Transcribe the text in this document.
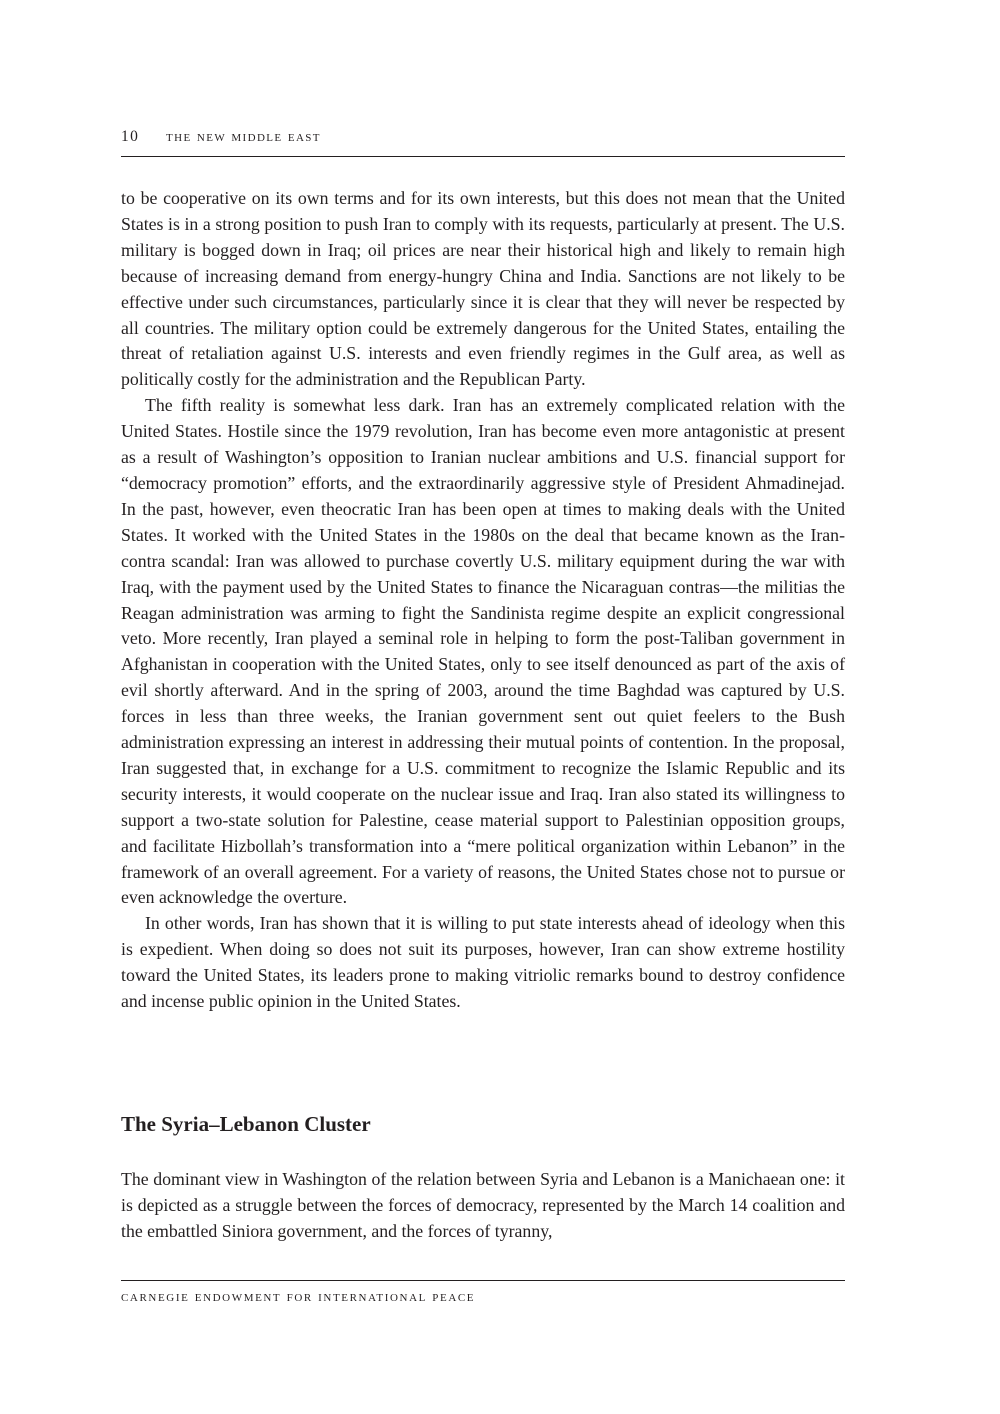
10 the new middle east

to be cooperative on its own terms and for its own interests, but this does not mean that the United States is in a strong position to push Iran to comply with its requests, particularly at present. The U.S. military is bogged down in Iraq; oil prices are near their historical high and likely to remain high because of increasing demand from energy-hungry China and India. Sanctions are not likely to be effective under such circumstances, particularly since it is clear that they will never be respected by all countries. The military option could be extremely dangerous for the United States, entailing the threat of retaliation against U.S. interests and even friendly regimes in the Gulf area, as well as politically costly for the administration and the Republican Party.

The fifth reality is somewhat less dark. Iran has an extremely complicated relation with the United States. Hostile since the 1979 revolution, Iran has become even more antagonistic at present as a result of Washington’s opposition to Iranian nuclear ambitions and U.S. financial support for “democracy promotion” efforts, and the extraordinarily aggressive style of President Ahmadinejad. In the past, however, even theocratic Iran has been open at times to making deals with the United States. It worked with the United States in the 1980s on the deal that became known as the Iran-contra scandal: Iran was allowed to purchase covertly U.S. military equipment during the war with Iraq, with the payment used by the United States to finance the Nicaraguan contras—the militias the Reagan administration was arming to fight the Sandinista regime despite an explicit congressional veto. More recently, Iran played a seminal role in helping to form the post-Taliban government in Afghanistan in cooperation with the United States, only to see itself denounced as part of the axis of evil shortly afterward. And in the spring of 2003, around the time Baghdad was captured by U.S. forces in less than three weeks, the Iranian government sent out quiet feelers to the Bush administration expressing an interest in addressing their mutual points of contention. In the proposal, Iran suggested that, in exchange for a U.S. commitment to recognize the Islamic Republic and its security interests, it would cooperate on the nuclear issue and Iraq. Iran also stated its willingness to support a two-state solution for Palestine, cease material support to Palestinian opposition groups, and facilitate Hizbollah’s transformation into a “mere political organization within Lebanon” in the framework of an overall agreement. For a variety of reasons, the United States chose not to pursue or even acknowledge the overture.

In other words, Iran has shown that it is willing to put state interests ahead of ideology when this is expedient. When doing so does not suit its purposes, however, Iran can show extreme hostility toward the United States, its leaders prone to making vitriolic remarks bound to destroy confidence and incense public opinion in the United States.

The Syria–Lebanon Cluster

The dominant view in Washington of the relation between Syria and Lebanon is a Manichaean one: it is depicted as a struggle between the forces of democracy, represented by the March 14 coalition and the embattled Siniora government, and the forces of tyranny,

carnegie endowment for international peace
